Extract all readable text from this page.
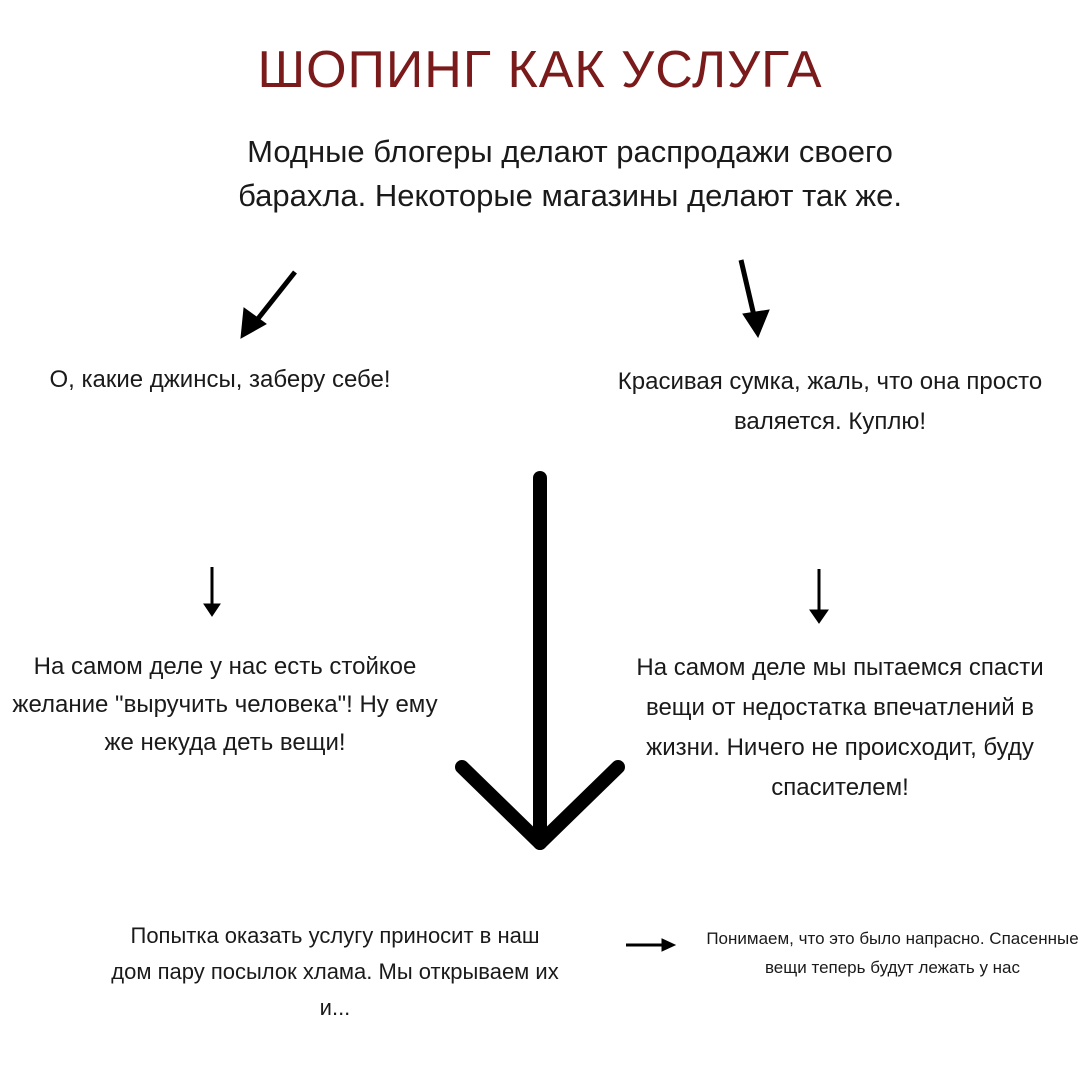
ШОПИНГ КАК УСЛУГА
Модные блогеры делают распродажи своего барахла. Некоторые магазины делают так же.
О, какие джинсы, заберу себе!	Красивая сумка, жаль, что она просто валяется. Куплю!
На самом деле у нас есть стойкое желание "выручить человека"! Ну ему же некуда деть вещи!
На самом деле мы пытаемся спасти вещи от недостатка впечатлений в жизни. Ничего не происходит, буду спасителем!
Попытка оказать услугу приносит в наш дом пару посылок хлама. Мы открываем их и...
Понимаем, что это было напрасно. Спасенные вещи теперь будут лежать у нас
